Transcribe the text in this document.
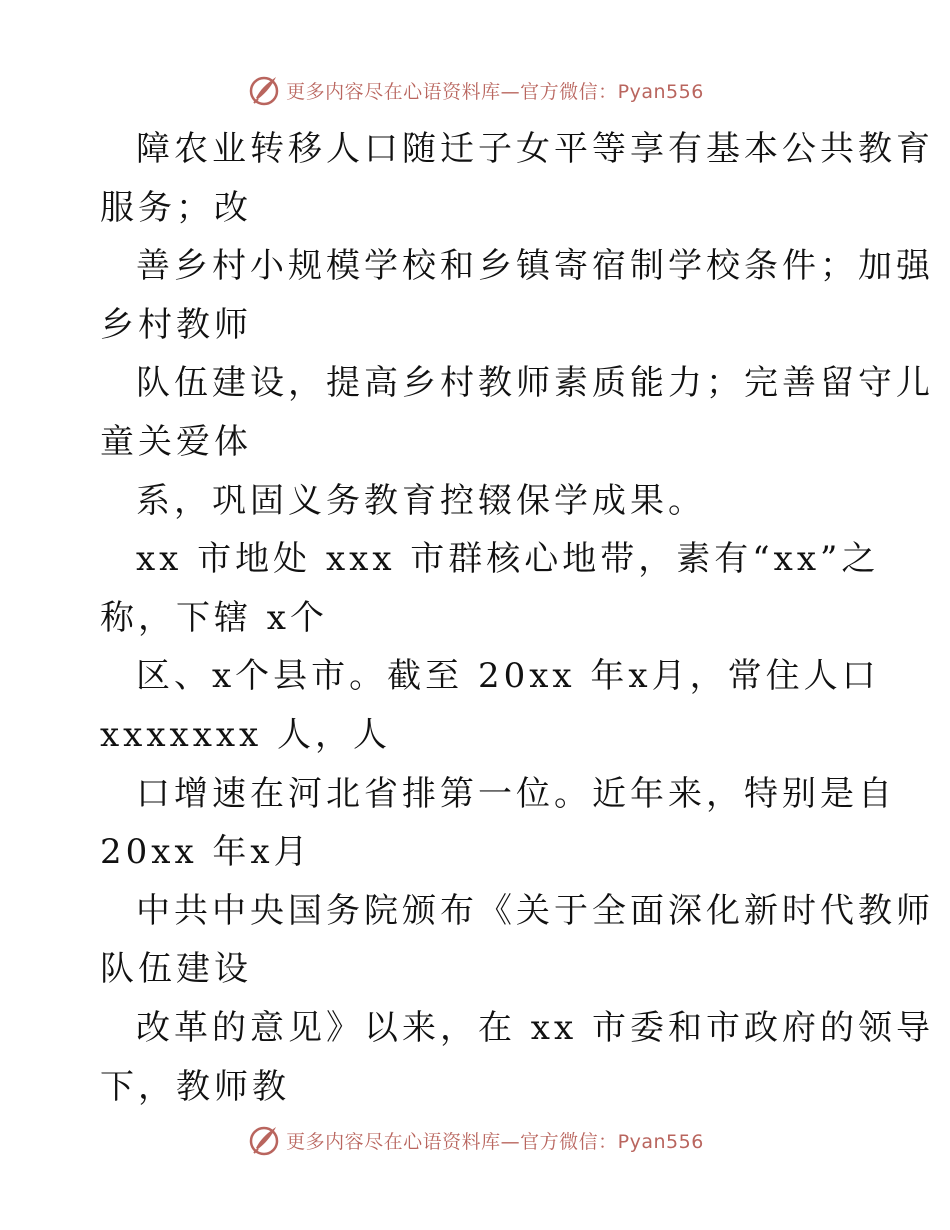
更多内容尽在心语资料库—官方微信：Pyan556
障农业转移人口随迁子女平等享有基本公共教育
服务；改
善乡村小规模学校和乡镇寄宿制学校条件；加强
乡村教师
队伍建设，提高乡村教师素质能力；完善留守儿
童关爱体
系，巩固义务教育控辍保学成果。
xx 市地处 xxx 市群核心地带，素有“xx”之
称，下辖 x个
区、x个县市。截至 20xx 年x月，常住人口
xxxxxxx 人，人
口增速在河北省排第一位。近年来，特别是自
20xx 年x月
中共中央国务院颁布《关于全面深化新时代教师
队伍建设
改革的意见》以来，在 xx 市委和市政府的领导
下，教师教
更多内容尽在心语资料库—官方微信：Pyan556
